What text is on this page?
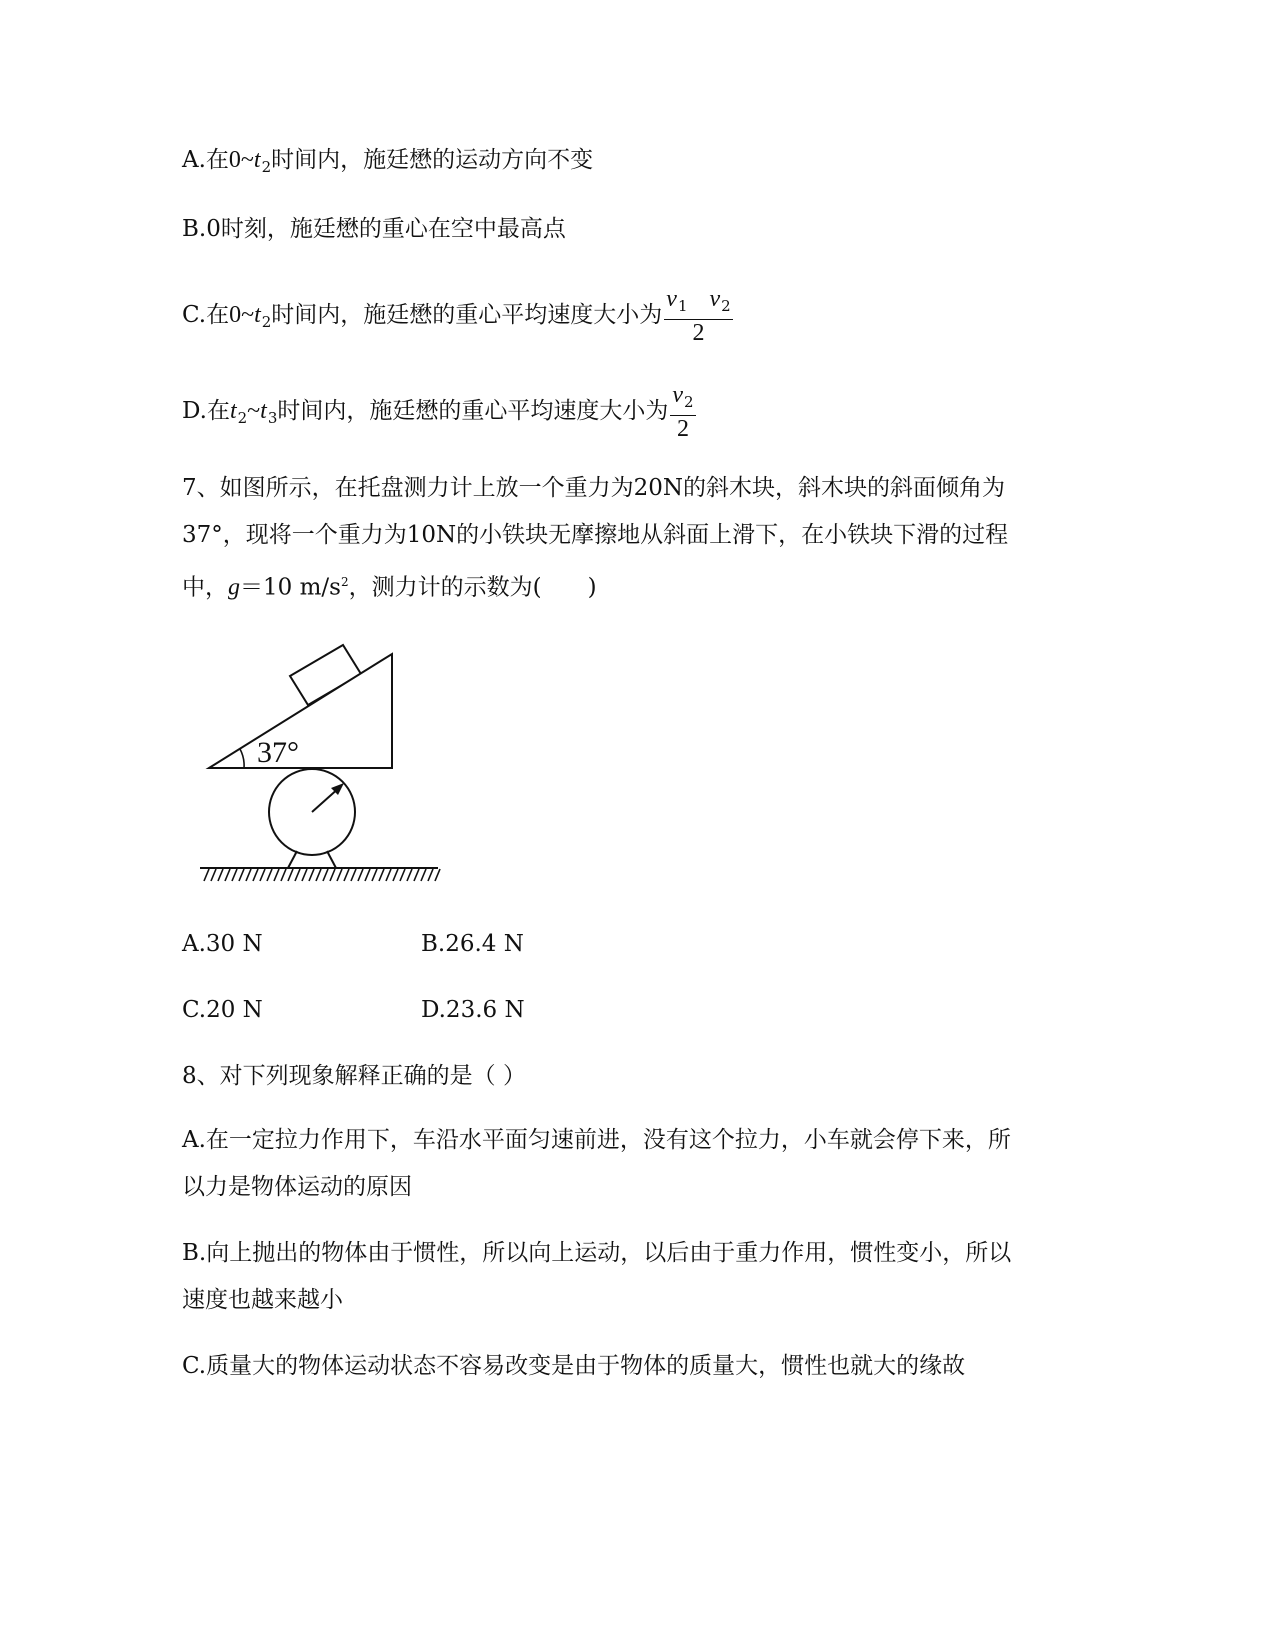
A.在$0\sim t_2$时间内，施廷懋的运动方向不变
B.0时刻，施廷懋的重心在空中最高点
C.在$0\sim t_2$时间内，施廷懋的重心平均速度大小为 $\frac{v_1 v_2}{2}$
D.在$t_2\sim t_3$时间内，施廷懋的重心平均速度大小为 $\frac{v_2}{2}$
7、如图所示，在托盘测力计上放一个重力为20N的斜木块，斜木块的斜面倾角为
37°，现将一个重力为10N的小铁块无摩擦地从斜面上滑下，在小铁块下滑的过程
中，g＝10 $m/s^2$，测力计的示数为(　　)
37°
A.30 N	B.26.4 N
C.20 N	D.23.6 N
8、对下列现象解释正确的是（ ）
A.在一定拉力作用下，车沿水平面匀速前进，没有这个拉力，小车就会停下来，所
以力是物体运动的原因
B.向上抛出的物体由于惯性，所以向上运动，以后由于重力作用，惯性变小，所以
速度也越来越小
C.质量大的物体运动状态不容易改变是由于物体的质量大，惯性也就大的缘故
